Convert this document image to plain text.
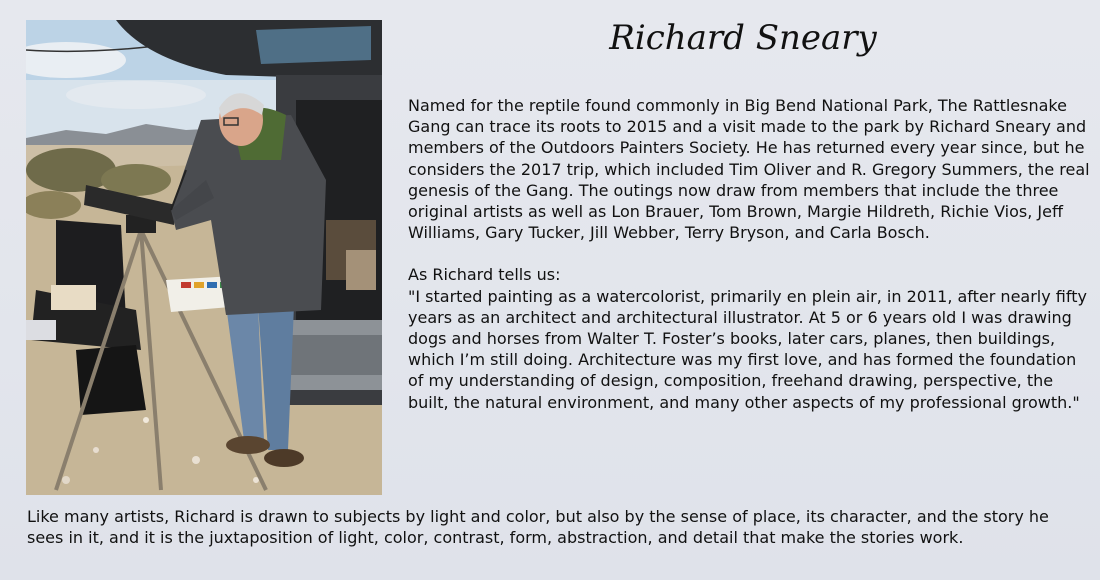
Richard Sneary

Named for the reptile found commonly in Big Bend National Park, The Rattlesnake Gang can trace its roots to 2015 and a visit made to the park by Richard Sneary and members of the Outdoors Painters Society. He has returned every year since, but he considers the 2017 trip, which included Tim Oliver and R. Gregory Summers, the real genesis of the Gang. The outings now draw from members that include the three original artists as well as Lon Brauer, Tom Brown, Margie Hildreth, Richie Vios, Jeff Williams, Gary Tucker, Jill Webber, Terry Bryson, and Carla Bosch.

As Richard tells us:

"I started painting as a watercolorist, primarily en plein air, in 2011, after nearly fifty years as an architect and architectural illustrator. At 5 or 6 years old I was drawing dogs and horses from Walter T. Foster’s books, later cars, planes, then buildings, which I’m still doing. Architecture was my first love, and has formed the foundation of my understanding of design, composition, freehand drawing, perspective, the built, the natural environment, and many other aspects of my professional growth."

Like many artists, Richard is drawn to subjects by light and color, but also by the sense of place, its character, and the story he sees in it, and it is the juxtaposition of light, color, contrast, form, abstraction, and detail that make the stories work.
